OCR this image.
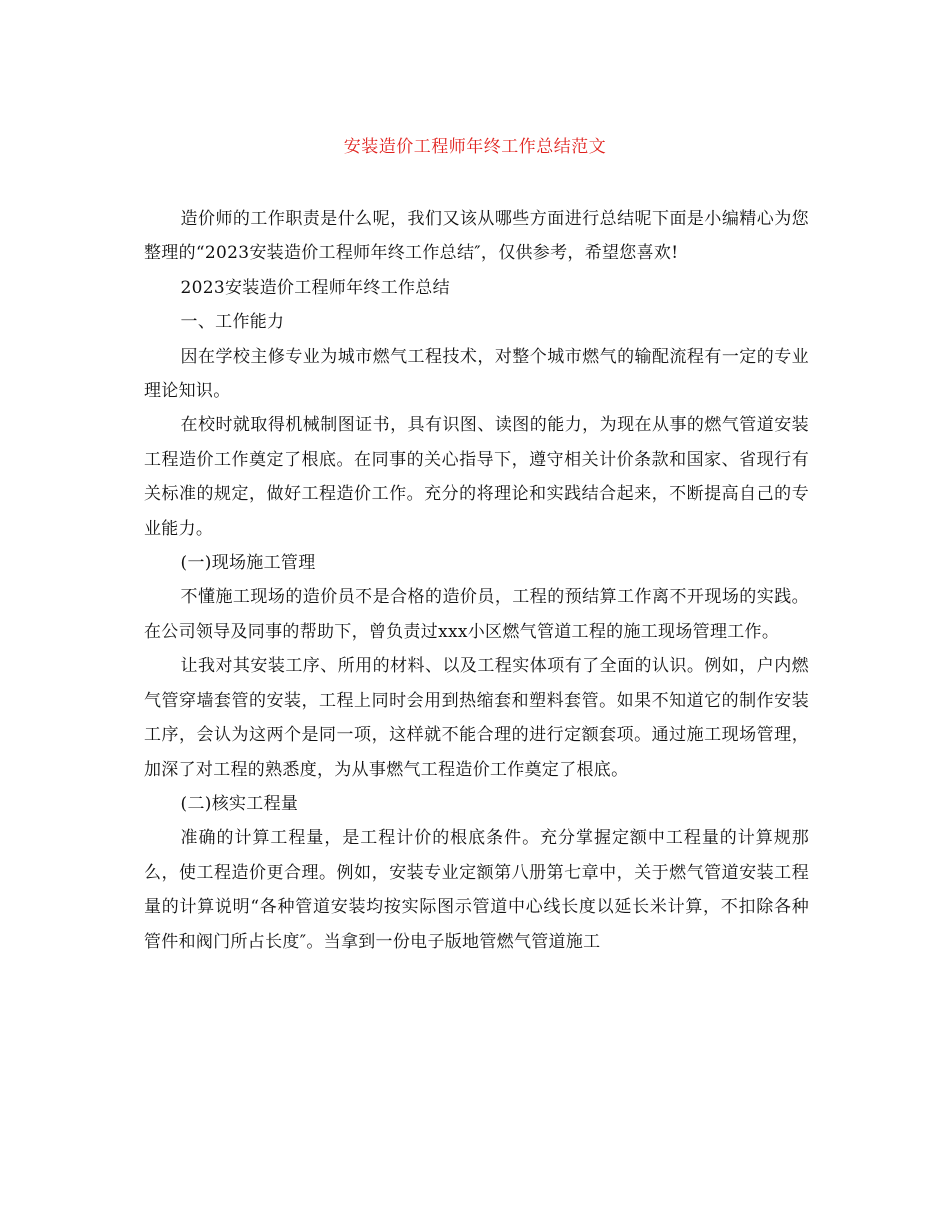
安装造价工程师年终工作总结范文

造价师的工作职责是什么呢，我们又该从哪些方面进行总结呢下面是小编精心为您整理的“2023安装造价工程师年终工作总结″，仅供参考，希望您喜欢!

2023安装造价工程师年终工作总结

一、工作能力

因在学校主修专业为城市燃气工程技术，对整个城市燃气的输配流程有一定的专业理论知识。

在校时就取得机械制图证书，具有识图、读图的能力，为现在从事的燃气管道安装工程造价工作奠定了根底。在同事的关心指导下，遵守相关计价条款和国家、省现行有关标准的规定，做好工程造价工作。充分的将理论和实践结合起来，不断提高自己的专业能力。

(一)现场施工管理

不懂施工现场的造价员不是合格的造价员，工程的预结算工作离不开现场的实践。在公司领导及同事的帮助下，曾负责过xxx小区燃气管道工程的施工现场管理工作。

让我对其安装工序、所用的材料、以及工程实体项有了全面的认识。例如，户内燃气管穿墙套管的安装，工程上同时会用到热缩套和塑料套管。如果不知道它的制作安装工序，会认为这两个是同一项，这样就不能合理的进行定额套项。通过施工现场管理，加深了对工程的熟悉度，为从事燃气工程造价工作奠定了根底。

(二)核实工程量

准确的计算工程量，是工程计价的根底条件。充分掌握定额中工程量的计算规那么，使工程造价更合理。例如，安装专业定额第八册第七章中，关于燃气管道安装工程量的计算说明“各种管道安装均按实际图示管道中心线长度以延长米计算，不扣除各种管件和阀门所占长度″。当拿到一份电子版地管燃气管道施工
